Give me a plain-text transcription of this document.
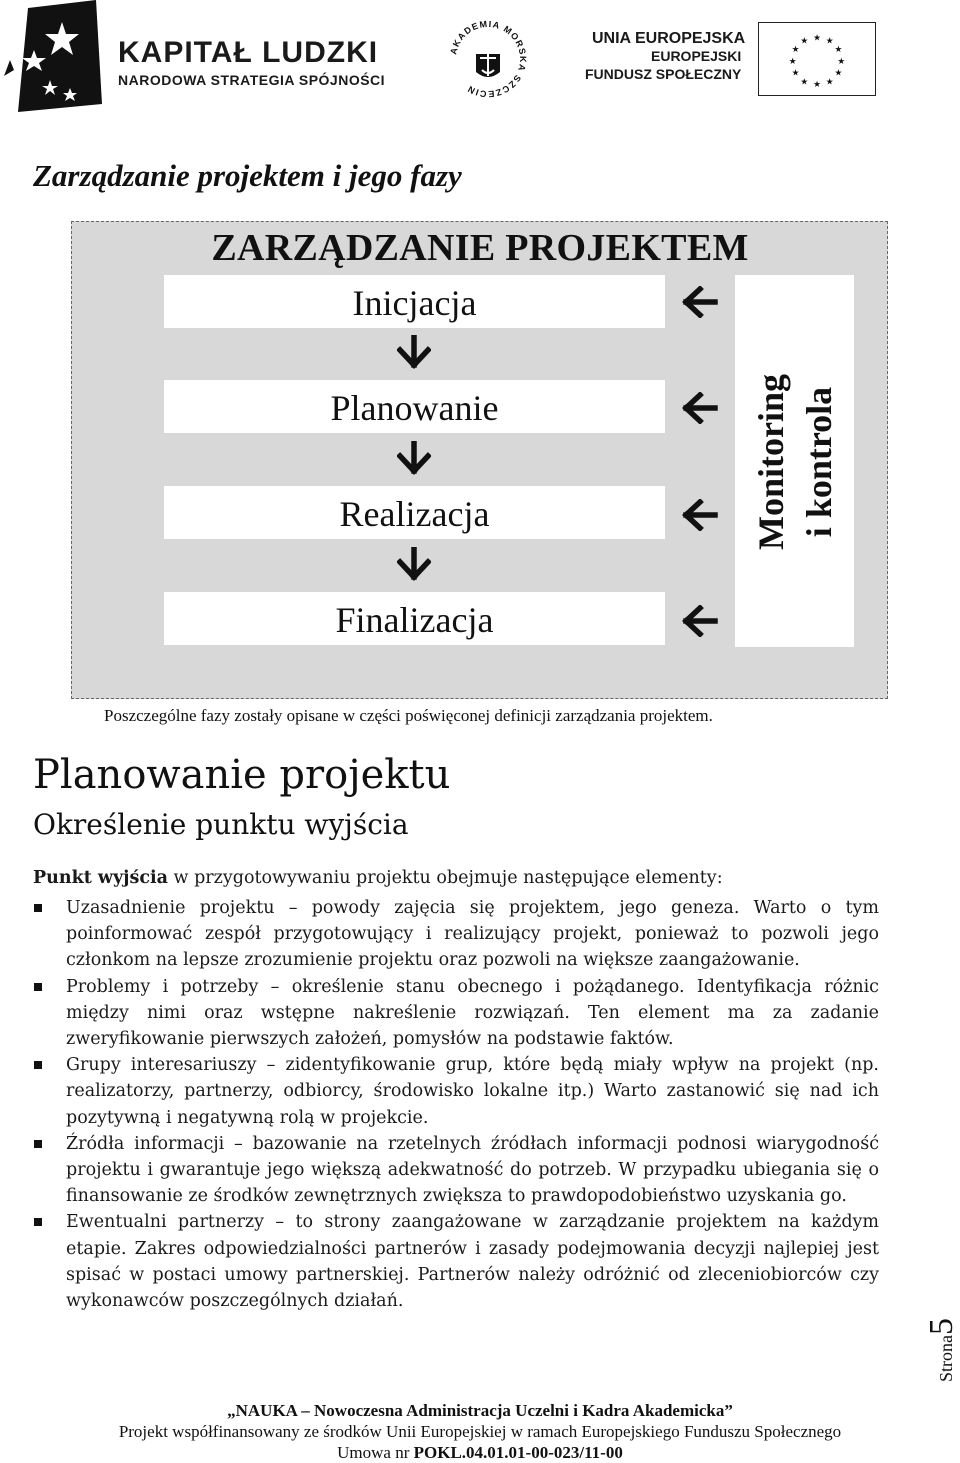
KAPITAŁ LUDZKI
NARODOWA STRATEGIA SPÓJNOŚCI
AKADEMIA MORSKA SZCZECIN
UNIA EUROPEJSKA
EUROPEJSKI
FUNDUSZ SPOŁECZNY
★ ★
★
★
★
★
★
★
★
★
★
★
Zarządzanie projektem i jego fazy
ZARZĄDZANIE PROJEKTEM
Inicjacja
Planowanie
Realizacja
Finalizacja
Monitoring i kontrola
Poszczególne fazy zostały opisane w części poświęconej definicji zarządzania projektem.
Planowanie projektu
Określenie punktu wyjścia
Punkt wyjścia w przygotowywaniu projektu obejmuje następujące elementy:
Uzasadnienie projektu – powody zajęcia się projektem, jego geneza. Warto o tym poinformować zespół przygotowujący i realizujący projekt, ponieważ to pozwoli jego członkom na lepsze zrozumienie projektu oraz pozwoli na większe zaangażowanie.
Problemy i potrzeby – określenie stanu obecnego i pożądanego. Identyfikacja różnic między nimi oraz wstępne nakreślenie rozwiązań. Ten element ma za zadanie zweryfikowanie pierwszych założeń, pomysłów na podstawie faktów.
Grupy interesariuszy – zidentyfikowanie grup, które będą miały wpływ na projekt (np. realizatorzy, partnerzy, odbiorcy, środowisko lokalne itp.) Warto zastanowić się nad ich pozytywną i negatywną rolą w projekcie.
Źródła informacji – bazowanie na rzetelnych źródłach informacji podnosi wiarygodność projektu i gwarantuje jego większą adekwatność do potrzeb. W przypadku ubiegania się o finansowanie ze środków zewnętrznych zwiększa to prawdopodobieństwo uzyskania go.
Ewentualni partnerzy – to strony zaangażowane w zarządzanie projektem na każdym etapie. Zakres odpowiedzialności partnerów i zasady podejmowania decyzji najlepiej jest spisać w postaci umowy partnerskiej. Partnerów należy odróżnić od zleceniobiorców czy wykonawców poszczególnych działań.
Strona5
„NAUKA – Nowoczesna Administracja Uczelni i Kadra Akademicka”
Projekt współfinansowany ze środków Unii Europejskiej w ramach Europejskiego Funduszu Społecznego
Umowa nr POKL.04.01.01-00-023/11-00
